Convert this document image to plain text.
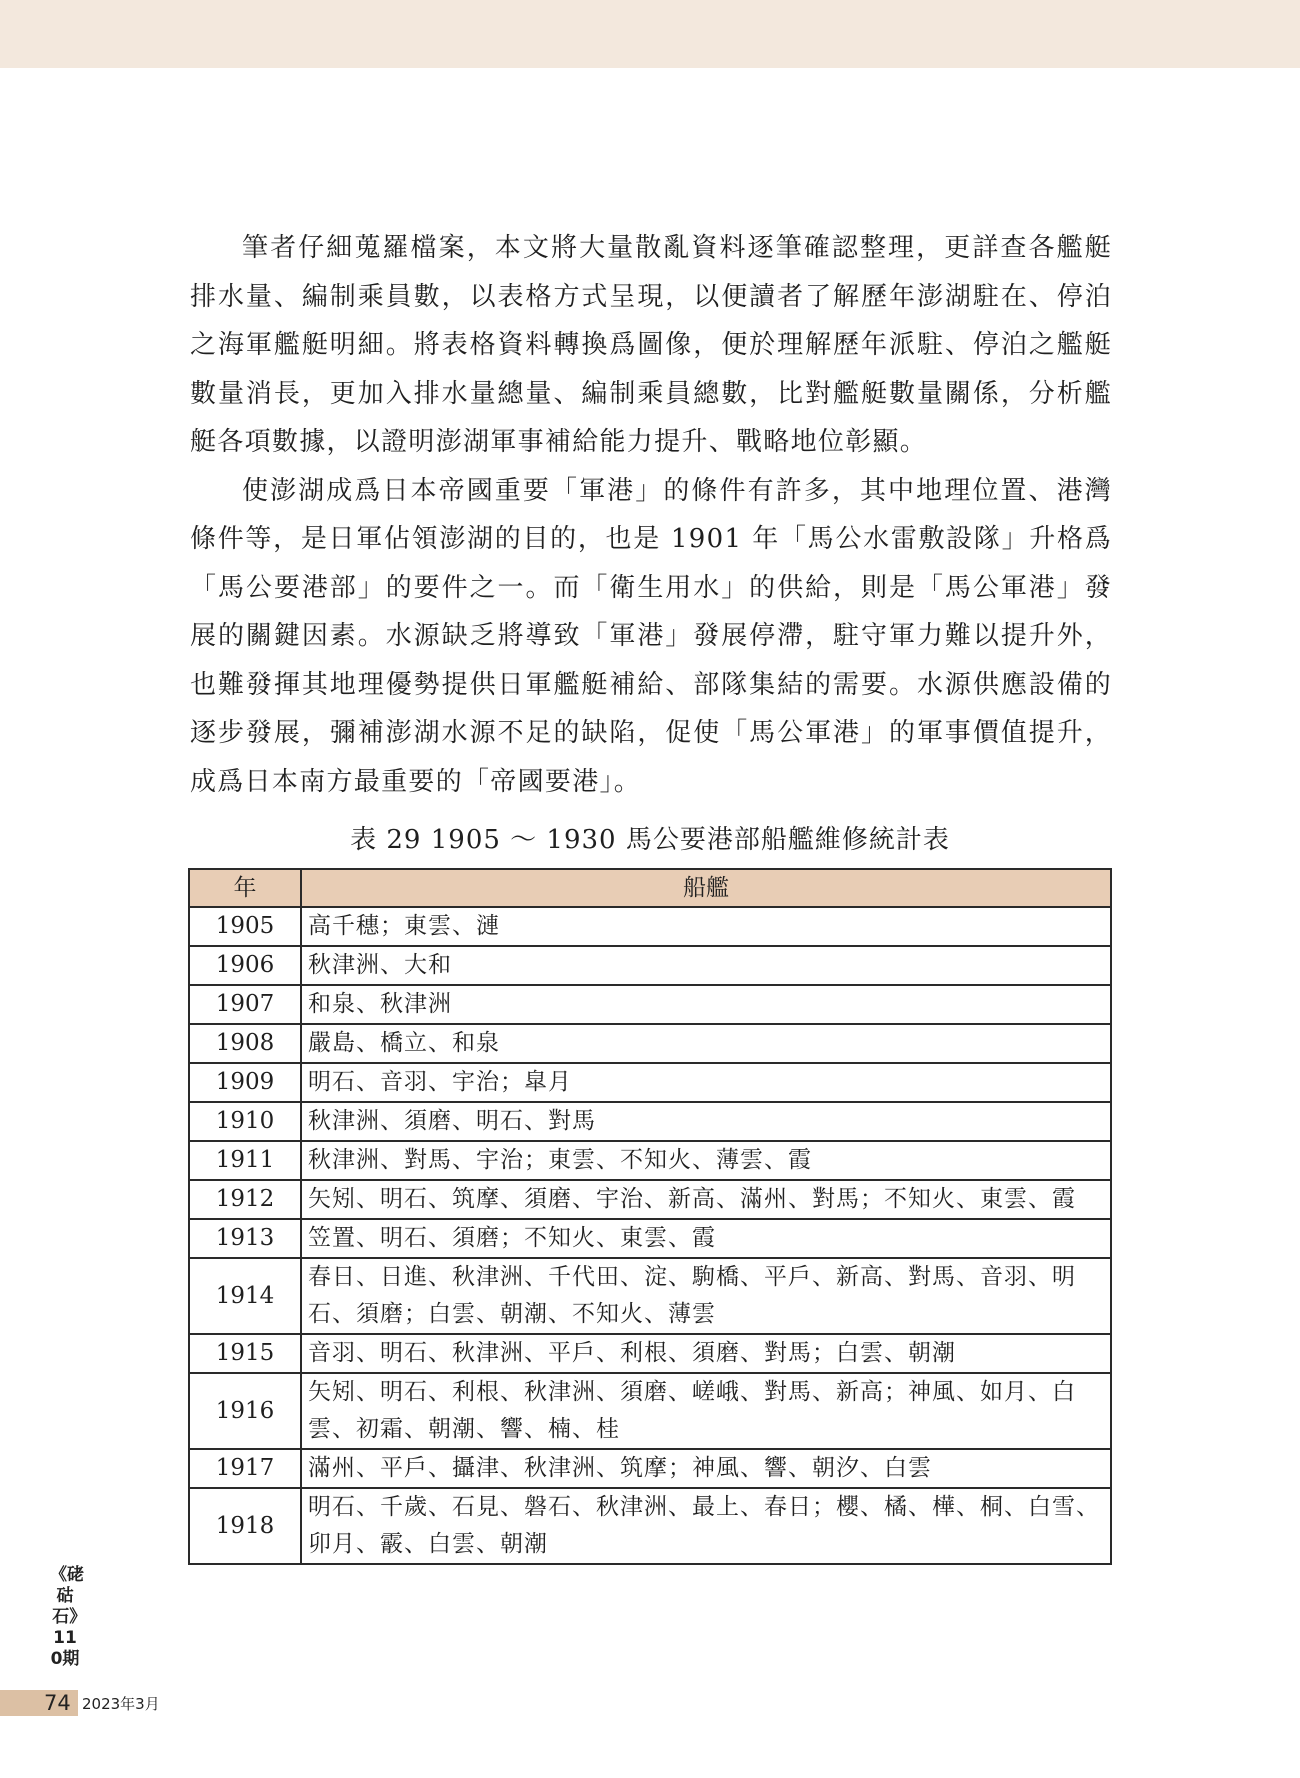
筆者仔細蒐羅檔案，本文將大量散亂資料逐筆確認整理，更詳查各艦艇排水量、編制乘員數，以表格方式呈現，以便讀者了解歷年澎湖駐在、停泊之海軍艦艇明細。將表格資料轉換爲圖像，便於理解歷年派駐、停泊之艦艇數量消長，更加入排水量總量、編制乘員總數，比對艦艇數量關係，分析艦艇各項數據，以證明澎湖軍事補給能力提升、戰略地位彰顯。

使澎湖成爲日本帝國重要「軍港」的條件有許多，其中地理位置、港灣條件等，是日軍佔領澎湖的目的，也是 1901 年「馬公水雷敷設隊」升格爲「馬公要港部」的要件之一。而「衛生用水」的供給，則是「馬公軍港」發展的關鍵因素。水源缺乏將導致「軍港」發展停滯，駐守軍力難以提升外，也難發揮其地理優勢提供日軍艦艇補給、部隊集結的需要。水源供應設備的逐步發展，彌補澎湖水源不足的缺陷，促使「馬公軍港」的軍事價值提升，成爲日本南方最重要的「帝國要港」。

表 29 1905 ～ 1930 馬公要港部船艦維修統計表
年	船艦
1905	高千穗；東雲、漣
1906	秋津洲、大和
1907	和泉、秋津洲
1908	嚴島、橋立、和泉
1909	明石、音羽、宇治；皐月
1910	秋津洲、須磨、明石、對馬
1911	秋津洲、對馬、宇治；東雲、不知火、薄雲、霞
1912	矢矧、明石、筑摩、須磨、宇治、新高、滿州、對馬；不知火、東雲、霞
1913	笠置、明石、須磨；不知火、東雲、霞
1914	春日、日進、秋津洲、千代田、淀、駒橋、平戶、新高、對馬、音羽、明石、須磨；白雲、朝潮、不知火、薄雲
1915	音羽、明石、秋津洲、平戶、利根、須磨、對馬；白雲、朝潮
1916	矢矧、明石、利根、秋津洲、須磨、嵯峨、對馬、新高；神風、如月、白雲、初霜、朝潮、響、楠、桂
1917	滿州、平戶、攝津、秋津洲、筑摩；神風、響、朝汐、白雲
1918	明石、千歲、石見、磐石、秋津洲、最上、春日；櫻、橘、樺、桐、白雪、卯月、霰、白雲、朝潮
《硓𥑮石》110期
74 2023年3月
